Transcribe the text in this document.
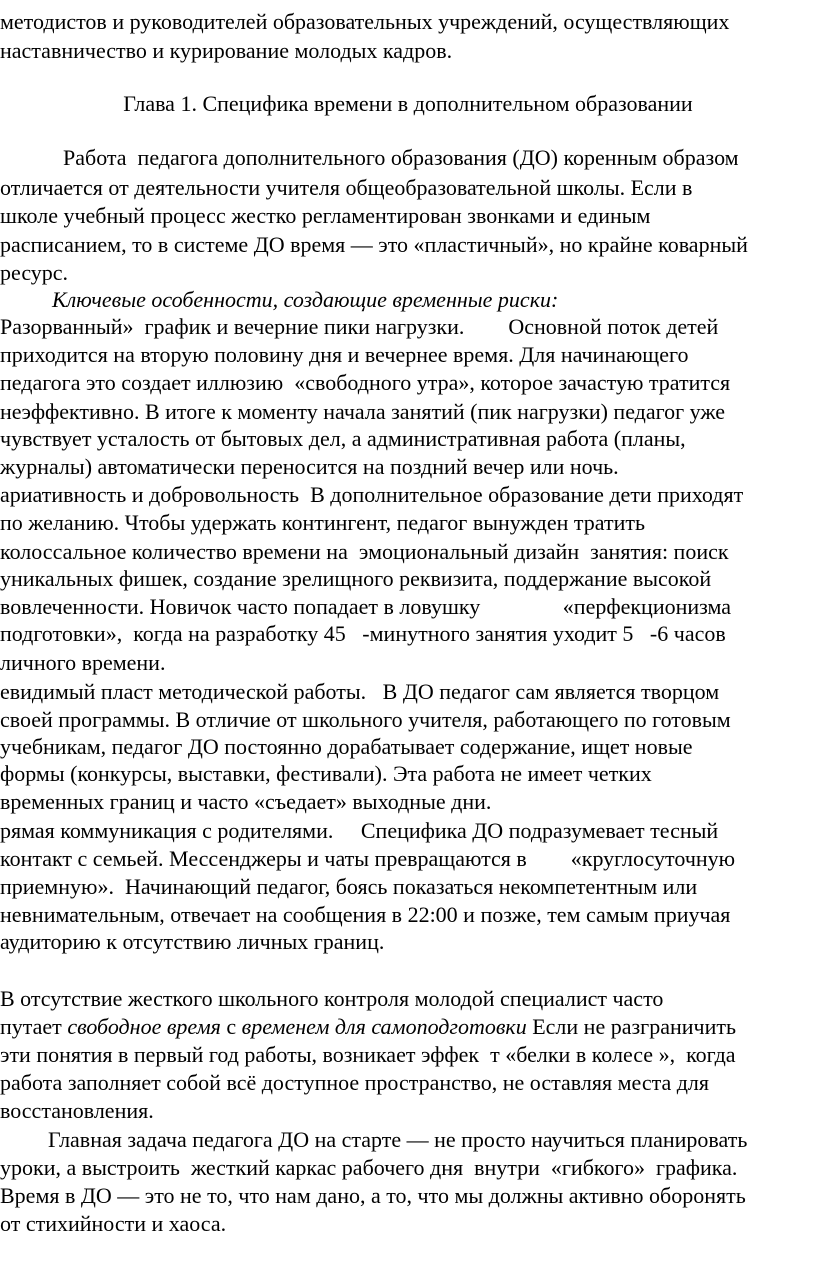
методистов и руководителей образовательных учреждений, осуществляющих
наставничество и курирование молодых кадров.
Глава 1. Специфика времени в дополнительном образовании
Работа  педагога дополнительного образования (ДО) коренным образом
отличается от деятельности учителя общеобразовательной школы. Если в
школе учебный процесс жестко регламентирован звонками и единым
расписанием, то в системе ДО время — это «пластичный», но крайне коварный
ресурс.
Ключевые особенности, создающие временные риски:
Разорванный»  график и вечерние пики нагрузки.        Основной поток детей
приходится на вторую половину дня и вечернее время. Для начинающего
педагога это создает иллюзию  «свободного утра», которое зачастую тратится
неэффективно. В итоге к моменту начала занятий (пик нагрузки) педагог уже
чувствует усталость от бытовых дел, а административная работа (планы,
журналы) автоматически переносится на поздний вечер или ночь.
ариативность и добровольность  В дополнительное образование дети приходят
по желанию. Чтобы удержать контингент, педагог вынужден тратить
колоссальное количество времени на  эмоциональный дизайн  занятия: поиск
уникальных фишек, создание зрелищного реквизита, поддержание высокой
вовлеченности. Новичок часто попадает в ловушку               «перфекционизма
подготовки»,  когда на разработку 45   -минутного занятия уходит 5   -6 часов
личного времени.
евидимый пласт методической работы.   В ДО педагог сам является творцом
своей программы. В отличие от школьного учителя, работающего по готовым
учебникам, педагог ДО постоянно дорабатывает содержание, ищет новые
формы (конкурсы, выставки, фестивали). Эта работа не имеет четких
временных границ и часто «съедает» выходные дни.
рямая коммуникация с родителями.     Специфика ДО подразумевает тесный
контакт с семьей. Мессенджеры и чаты превращаются в        «круглосуточную
приемную».  Начинающий педагог, боясь показаться некомпетентным или
невнимательным, отвечает на сообщения в 22:00 и позже, тем самым приучая
аудиторию к отсутствию личных границ.

В отсутствие жесткого школьного контроля молодой специалист часто
путает свободное время с временем для самоподготовки Если не разграничить
эти понятия в первый год работы, возникает эффек  т «белки в колесе »,  когда
работа заполняет собой всё доступное пространство, не оставляя места для
восстановления.
Главная задача педагога ДО на старте — не просто научиться планировать
уроки, а выстроить  жесткий каркас рабочего дня  внутри  «гибкого»  графика.
Время в ДО — это не то, что нам дано, а то, что мы должны активно оборонять
от стихийности и хаоса.
